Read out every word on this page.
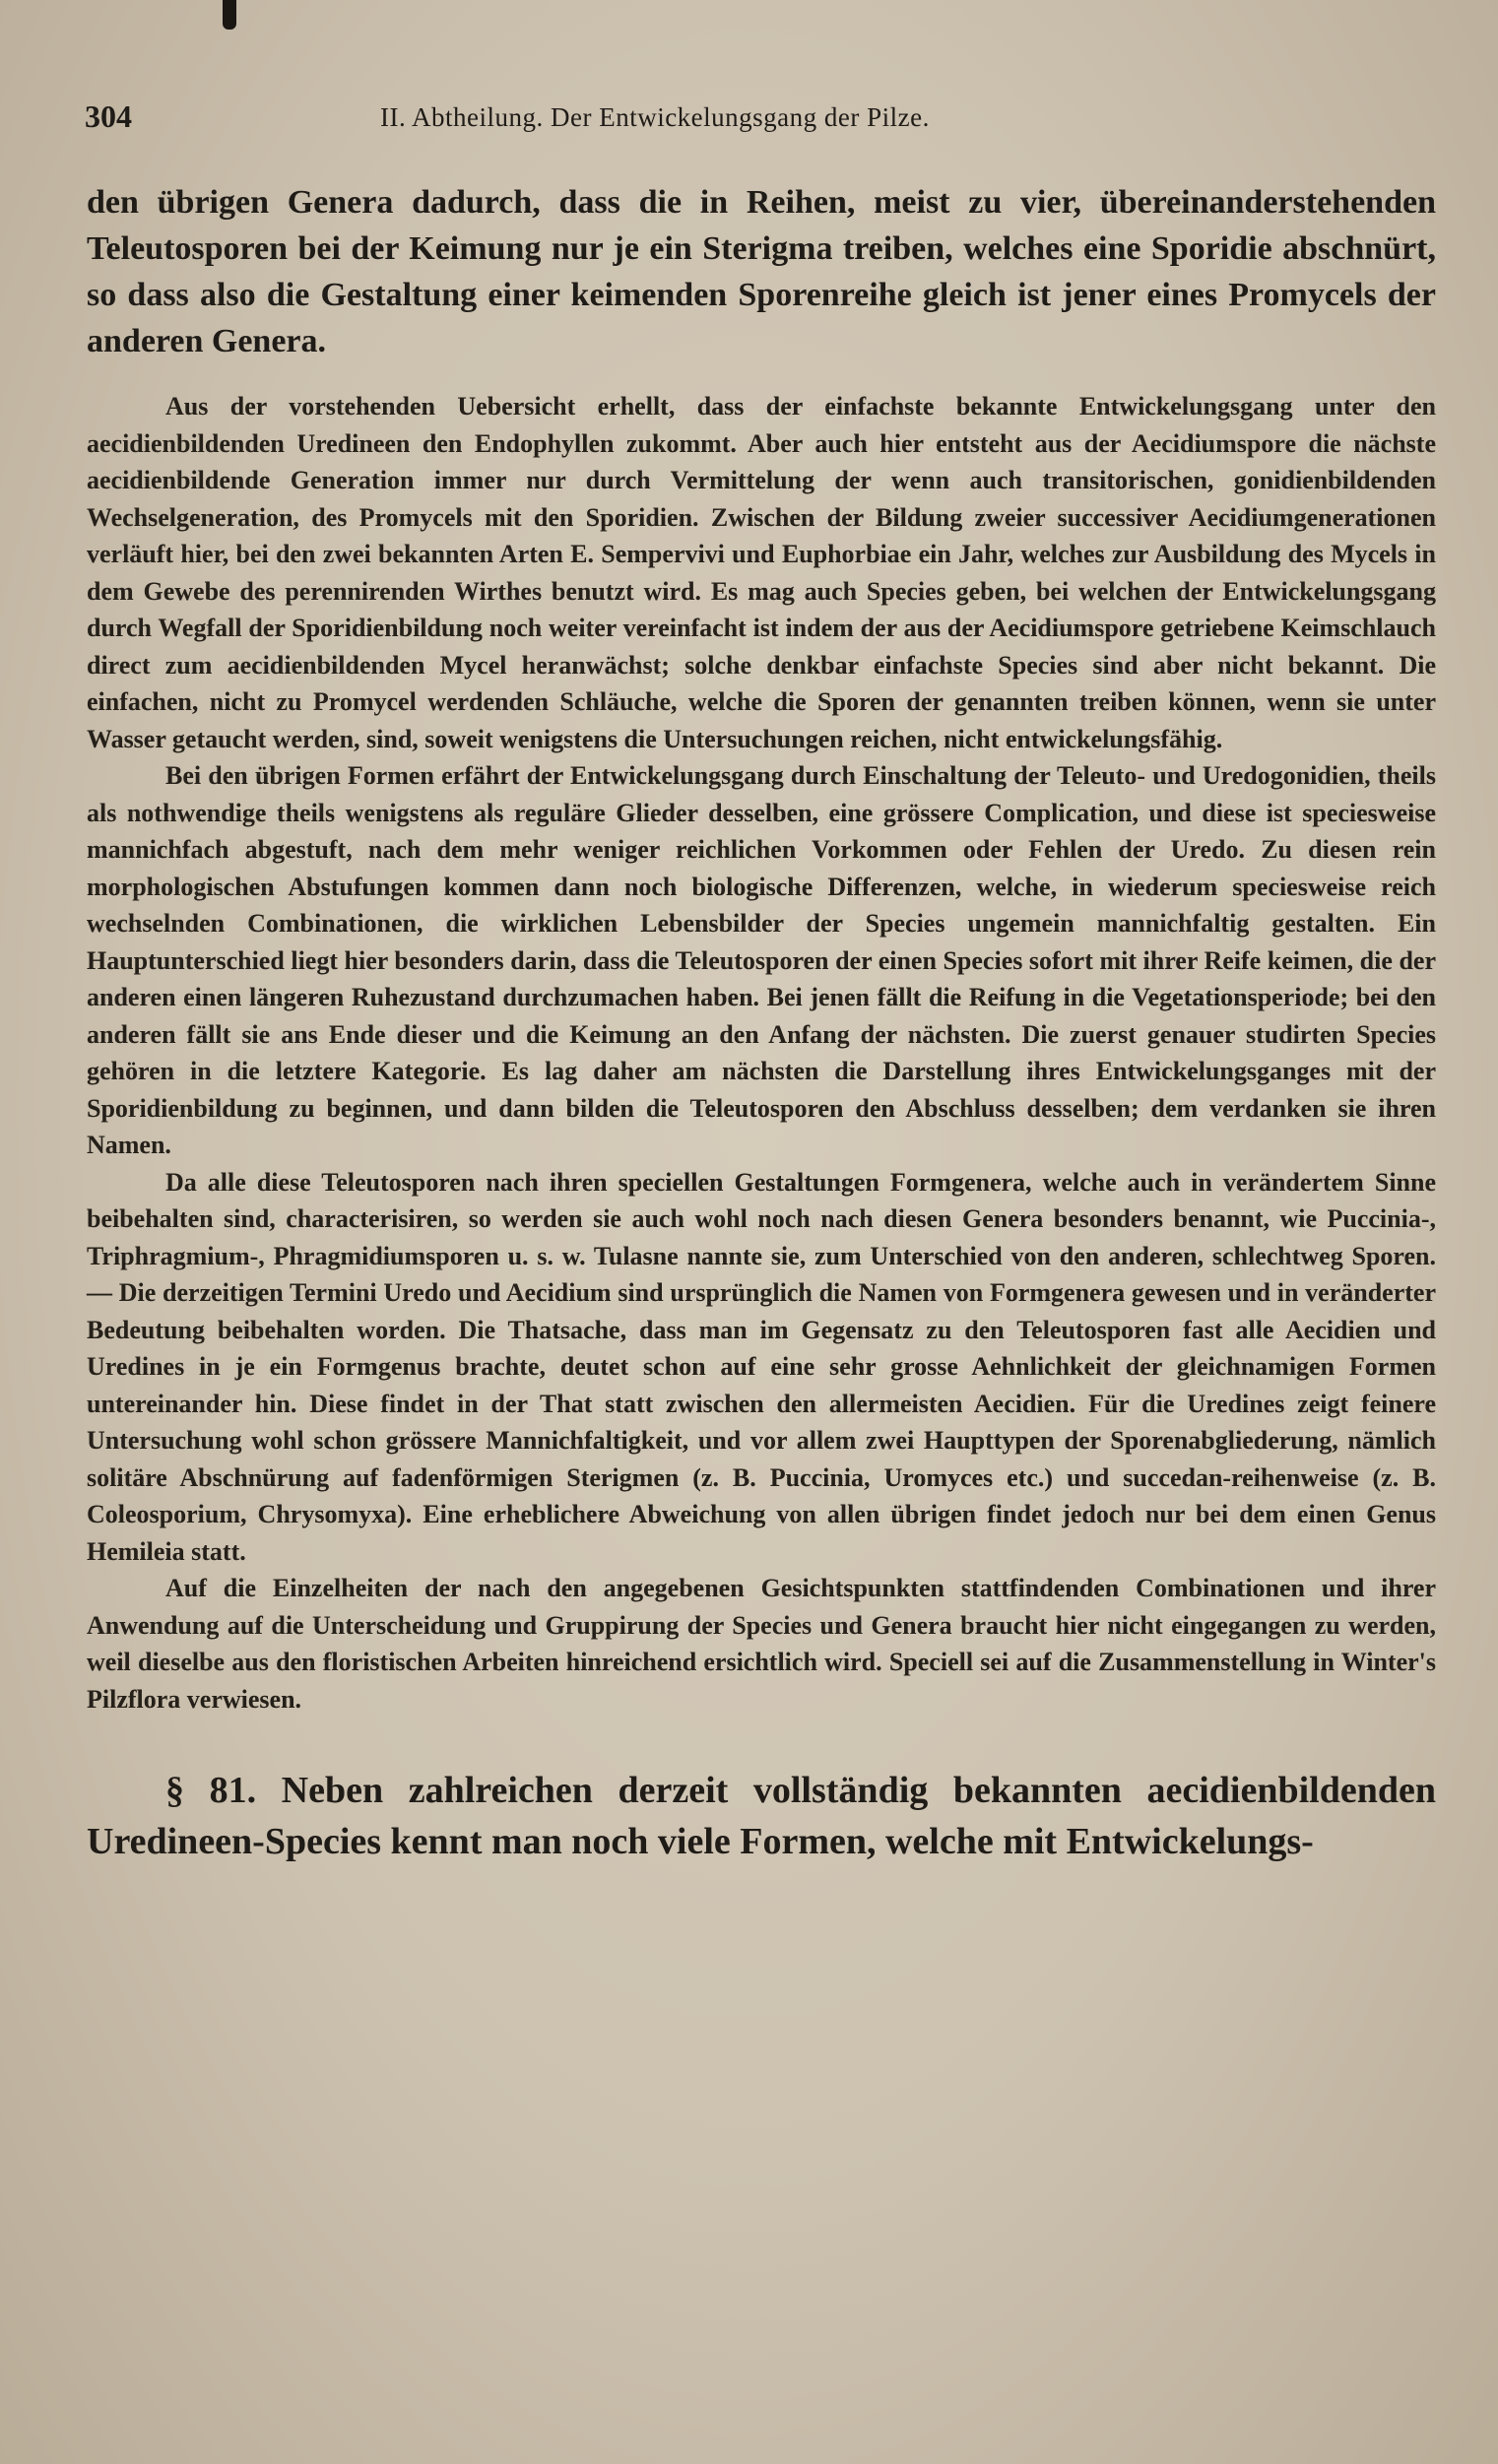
304	II. Abtheilung. Der Entwickelungsgang der Pilze.

den übrigen Genera dadurch, dass die in Reihen, meist zu vier, übereinanderstehenden Teleutosporen bei der Keimung nur je ein Sterigma treiben, welches eine Sporidie abschnürt, so dass also die Gestaltung einer keimenden Sporenreihe gleich ist jener eines Promycels der anderen Genera.

Aus der vorstehenden Uebersicht erhellt, dass der einfachste bekannte Entwickelungsgang unter den aecidienbildenden Uredineen den Endophyllen zukommt. Aber auch hier entsteht aus der Aecidiumspore die nächste aecidienbildende Generation immer nur durch Vermittelung der wenn auch transitorischen, gonidienbildenden Wechselgeneration, des Promycels mit den Sporidien. Zwischen der Bildung zweier successiver Aecidiumgenerationen verläuft hier, bei den zwei bekannten Arten E. Sempervivi und Euphorbiae ein Jahr, welches zur Ausbildung des Mycels in dem Gewebe des perennirenden Wirthes benutzt wird. Es mag auch Species geben, bei welchen der Entwickelungsgang durch Wegfall der Sporidienbildung noch weiter vereinfacht ist indem der aus der Aecidiumspore getriebene Keimschlauch direct zum aecidienbildenden Mycel heranwächst; solche denkbar einfachste Species sind aber nicht bekannt. Die einfachen, nicht zu Promycel werdenden Schläuche, welche die Sporen der genannten treiben können, wenn sie unter Wasser getaucht werden, sind, soweit wenigstens die Untersuchungen reichen, nicht entwickelungsfähig.

Bei den übrigen Formen erfährt der Entwickelungsgang durch Einschaltung der Teleuto- und Uredogonidien, theils als nothwendige theils wenigstens als reguläre Glieder desselben, eine grössere Complication, und diese ist speciesweise mannichfach abgestuft, nach dem mehr weniger reichlichen Vorkommen oder Fehlen der Uredo. Zu diesen rein morphologischen Abstufungen kommen dann noch biologische Differenzen, welche, in wiederum speciesweise reich wechselnden Combinationen, die wirklichen Lebensbilder der Species ungemein mannichfaltig gestalten. Ein Hauptunterschied liegt hier besonders darin, dass die Teleutosporen der einen Species sofort mit ihrer Reife keimen, die der anderen einen längeren Ruhezustand durchzumachen haben. Bei jenen fällt die Reifung in die Vegetationsperiode; bei den anderen fällt sie ans Ende dieser und die Keimung an den Anfang der nächsten. Die zuerst genauer studirten Species gehören in die letztere Kategorie. Es lag daher am nächsten die Darstellung ihres Entwickelungsganges mit der Sporidienbildung zu beginnen, und dann bilden die Teleutosporen den Abschluss desselben; dem verdanken sie ihren Namen.

Da alle diese Teleutosporen nach ihren speciellen Gestaltungen Formgenera, welche auch in verändertem Sinne beibehalten sind, characterisiren, so werden sie auch wohl noch nach diesen Genera besonders benannt, wie Puccinia-, Triphragmium-, Phragmidiumsporen u. s. w. Tulasne nannte sie, zum Unterschied von den anderen, schlechtweg Sporen. — Die derzeitigen Termini Uredo und Aecidium sind ursprünglich die Namen von Formgenera gewesen und in veränderter Bedeutung beibehalten worden. Die Thatsache, dass man im Gegensatz zu den Teleutosporen fast alle Aecidien und Uredines in je ein Formgenus brachte, deutet schon auf eine sehr grosse Aehnlichkeit der gleichnamigen Formen untereinander hin. Diese findet in der That statt zwischen den allermeisten Aecidien. Für die Uredines zeigt feinere Untersuchung wohl schon grössere Mannichfaltigkeit, und vor allem zwei Haupttypen der Sporenabgliederung, nämlich solitäre Abschnürung auf fadenförmigen Sterigmen (z. B. Puccinia, Uromyces etc.) und succedan-reihenweise (z. B. Coleosporium, Chrysomyxa). Eine erheblichere Abweichung von allen übrigen findet jedoch nur bei dem einen Genus Hemileia statt.

Auf die Einzelheiten der nach den angegebenen Gesichtspunkten stattfindenden Combinationen und ihrer Anwendung auf die Unterscheidung und Gruppirung der Species und Genera braucht hier nicht eingegangen zu werden, weil dieselbe aus den floristischen Arbeiten hinreichend ersichtlich wird. Speciell sei auf die Zusammenstellung in Winter's Pilzflora verwiesen.

§ 81. Neben zahlreichen derzeit vollständig bekannten aecidienbildenden Uredineen-Species kennt man noch viele Formen, welche mit Entwickelungs-
